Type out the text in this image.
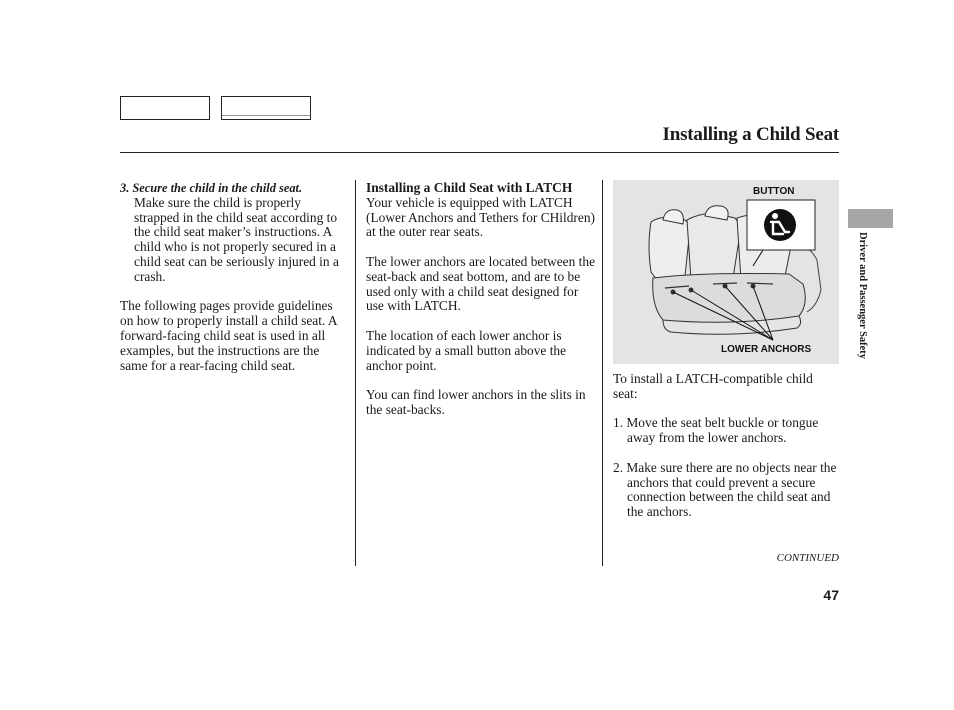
Installing a Child Seat
3. Secure the child in the child seat.

Make sure the child is properly strapped in the child seat according to the child seat maker’s instructions. A child who is not properly secured in a child seat can be seriously injured in a crash.

The following pages provide guidelines on how to properly install a child seat. A forward-facing child seat is used in all examples, but the instructions are the same for a rear-facing child seat.

Installing a Child Seat with LATCH

Your vehicle is equipped with LATCH (Lower Anchors and Tethers for CHildren) at the outer rear seats.

The lower anchors are located between the seat-back and seat bottom, and are to be used only with a child seat designed for use with LATCH.

The location of each lower anchor is indicated by a small button above the anchor point.

You can find lower anchors in the slits in the seat-backs.

BUTTON
LOWER ANCHORS

To install a LATCH-compatible child seat:

1. Move the seat belt buckle or tongue away from the lower anchors.

2. Make sure there are no objects near the anchors that could prevent a secure connection between the child seat and the anchors.

CONTINUED
47
Driver and Passenger Safety
